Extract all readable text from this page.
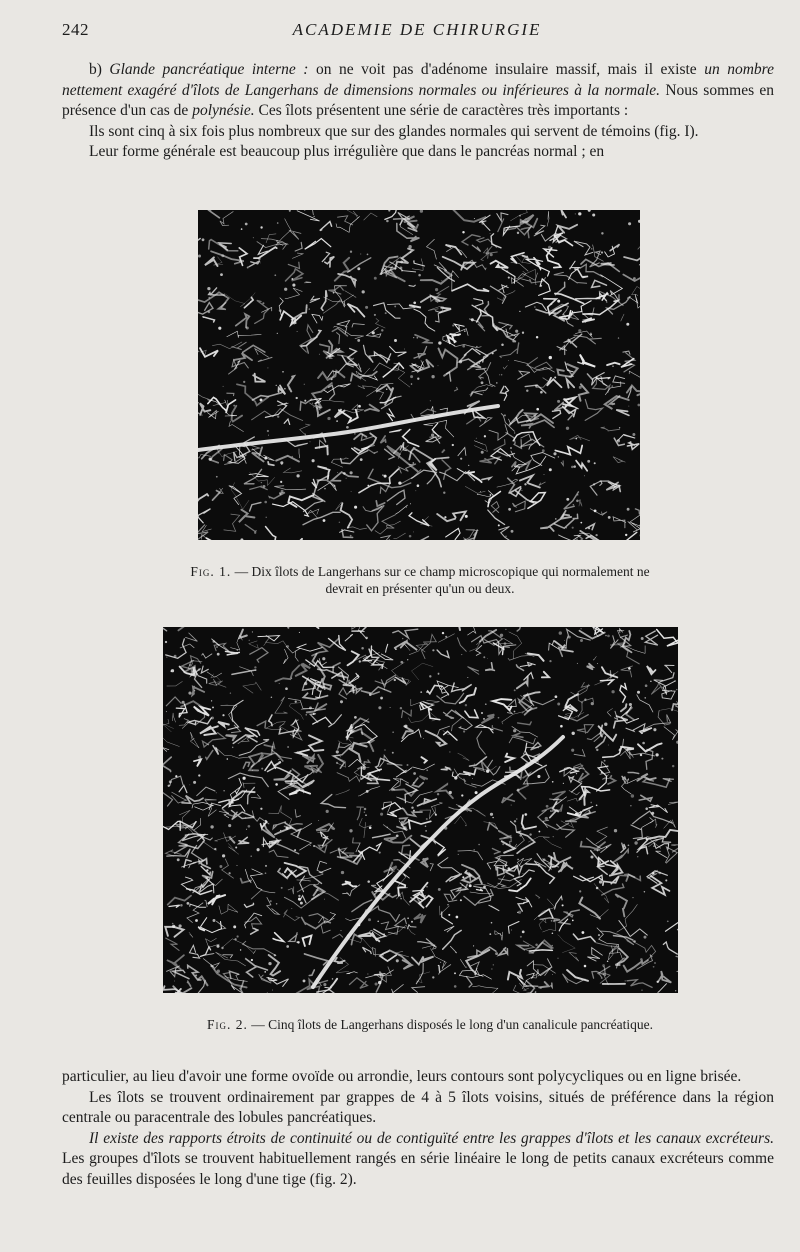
242	ACADEMIE DE CHIRURGIE

b) Glande pancréatique interne : on ne voit pas d'adénome insulaire massif, mais il existe un nombre nettement exagéré d'îlots de Langerhans de dimensions normales ou inférieures à la normale. Nous sommes en présence d'un cas de polynésie. Ces îlots présentent une série de caractères très importants :

Ils sont cinq à six fois plus nombreux que sur des glandes normales qui servent de témoins (fig. I).

Leur forme générale est beaucoup plus irrégulière que dans le pancréas normal ; en

Fig. 1. — Dix îlots de Langerhans sur ce champ microscopique qui normalement ne devrait en présenter qu'un ou deux.
Fig. 2. — Cinq îlots de Langerhans disposés le long d'un canalicule pancréatique.

particulier, au lieu d'avoir une forme ovoïde ou arrondie, leurs contours sont polycycliques ou en ligne brisée.

Les îlots se trouvent ordinairement par grappes de 4 à 5 îlots voisins, situés de préférence dans la région centrale ou paracentrale des lobules pancréatiques.

Il existe des rapports étroits de continuité ou de contiguïté entre les grappes d'îlots et les canaux excréteurs. Les groupes d'îlots se trouvent habituellement rangés en série linéaire le long de petits canaux excréteurs comme des feuilles disposées le long d'une tige (fig. 2).
